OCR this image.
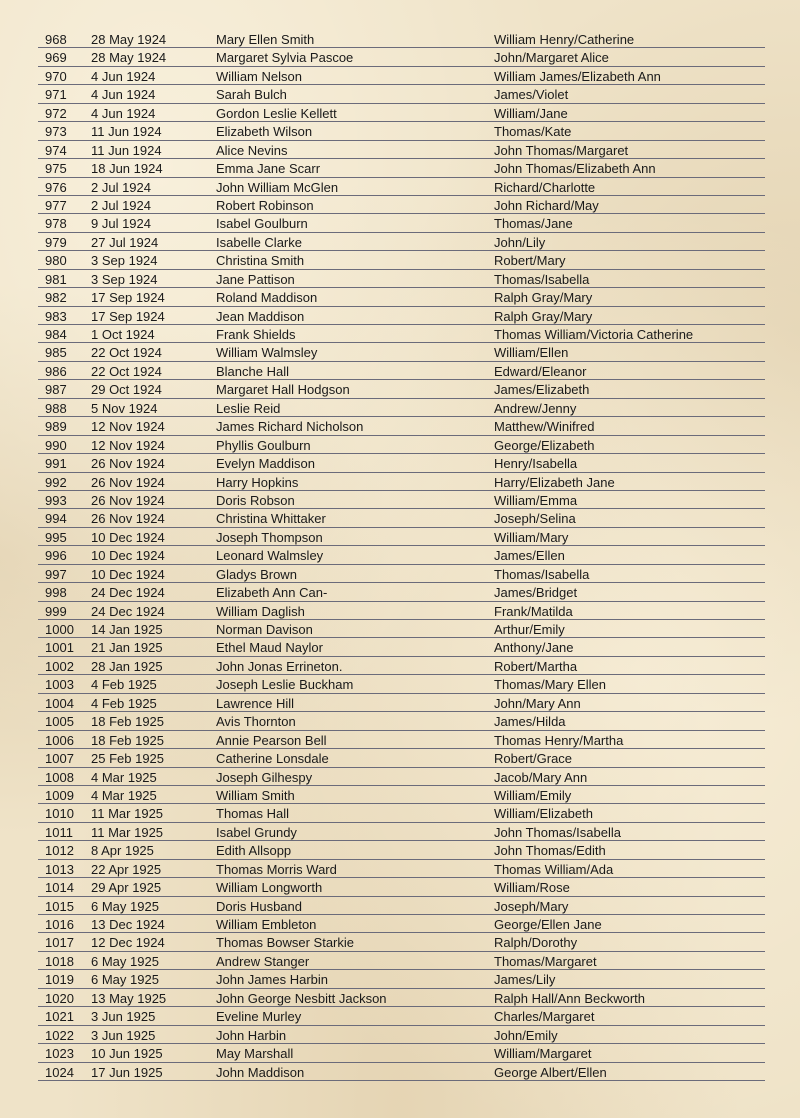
968 28 May 1924	Mary Ellen Smith	William Henry/Catherine
969 28 May 1924	Margaret Sylvia Pascoe	John/Margaret Alice
970 4 Jun 1924	William Nelson	William James/Elizabeth Ann
971 4 Jun 1924	Sarah Bulch	James/Violet
972 4 Jun 1924	Gordon Leslie Kellett	William/Jane
973 11 Jun 1924	Elizabeth Wilson	Thomas/Kate
974 11 Jun 1924	Alice Nevins	John Thomas/Margaret
975 18 Jun 1924	Emma Jane Scarr	John Thomas/Elizabeth Ann
976 2 Jul 1924	John William McGlen	Richard/Charlotte
977 2 Jul 1924	Robert Robinson	John Richard/May
978 9 Jul 1924	Isabel Goulburn	Thomas/Jane
979 27 Jul 1924	Isabelle Clarke	John/Lily
980 3 Sep 1924	Christina Smith	Robert/Mary
981 3 Sep 1924	Jane Pattison	Thomas/Isabella
982 17 Sep 1924	Roland Maddison	Ralph Gray/Mary
983 17 Sep 1924	Jean Maddison	Ralph Gray/Mary
984 1 Oct 1924	Frank Shields	Thomas William/Victoria Catherine
985 22 Oct 1924	William Walmsley	William/Ellen
986 22 Oct 1924	Blanche Hall	Edward/Eleanor
987 29 Oct 1924	Margaret Hall Hodgson	James/Elizabeth
988 5 Nov 1924	Leslie Reid	Andrew/Jenny
989 12 Nov 1924	James Richard Nicholson	Matthew/Winifred
990 12 Nov 1924	Phyllis Goulburn	George/Elizabeth
991 26 Nov 1924	Evelyn Maddison	Henry/Isabella
992 26 Nov 1924	Harry Hopkins	Harry/Elizabeth Jane
993 26 Nov 1924	Doris Robson	William/Emma
994 26 Nov 1924	Christina Whittaker	Joseph/Selina
995 10 Dec 1924	Joseph Thompson	William/Mary
996 10 Dec 1924	Leonard Walmsley	James/Ellen
997 10 Dec 1924	Gladys Brown	Thomas/Isabella
998 24 Dec 1924	Elizabeth Ann Can-	James/Bridget
999 24 Dec 1924	William Daglish	Frank/Matilda
1000 14 Jan 1925	Norman Davison	Arthur/Emily
1001 21 Jan 1925	Ethel Maud Naylor	Anthony/Jane
1002 28 Jan 1925	John Jonas Errineton.	Robert/Martha
1003 4 Feb 1925	Joseph Leslie Buckham	Thomas/Mary Ellen
1004 4 Feb 1925	Lawrence Hill	John/Mary Ann
1005 18 Feb 1925	Avis Thornton	James/Hilda
1006 18 Feb 1925	Annie Pearson Bell	Thomas Henry/Martha
1007 25 Feb 1925	Catherine Lonsdale	Robert/Grace
1008 4 Mar 1925	Joseph Gilhespy	Jacob/Mary Ann
1009 4 Mar 1925	William Smith	William/Emily
1010 11 Mar 1925	Thomas Hall	William/Elizabeth
1011 11 Mar 1925	Isabel Grundy	John Thomas/Isabella
1012 8 Apr 1925	Edith Allsopp	John Thomas/Edith
1013 22 Apr 1925	Thomas Morris Ward	Thomas William/Ada
1014 29 Apr 1925	William Longworth	William/Rose
1015 6 May 1925	Doris Husband	Joseph/Mary
1016 13 Dec 1924	William Embleton	George/Ellen Jane
1017 12 Dec 1924	Thomas Bowser Starkie	Ralph/Dorothy
1018 6 May 1925	Andrew Stanger	Thomas/Margaret
1019 6 May 1925	John James Harbin	James/Lily
1020 13 May 1925	John George Nesbitt Jackson	Ralph Hall/Ann Beckworth
1021 3 Jun 1925	Eveline Murley	Charles/Margaret
1022 3 Jun 1925	John Harbin	John/Emily
1023 10 Jun 1925	May Marshall	William/Margaret
1024 17 Jun 1925	John Maddison	George Albert/Ellen
